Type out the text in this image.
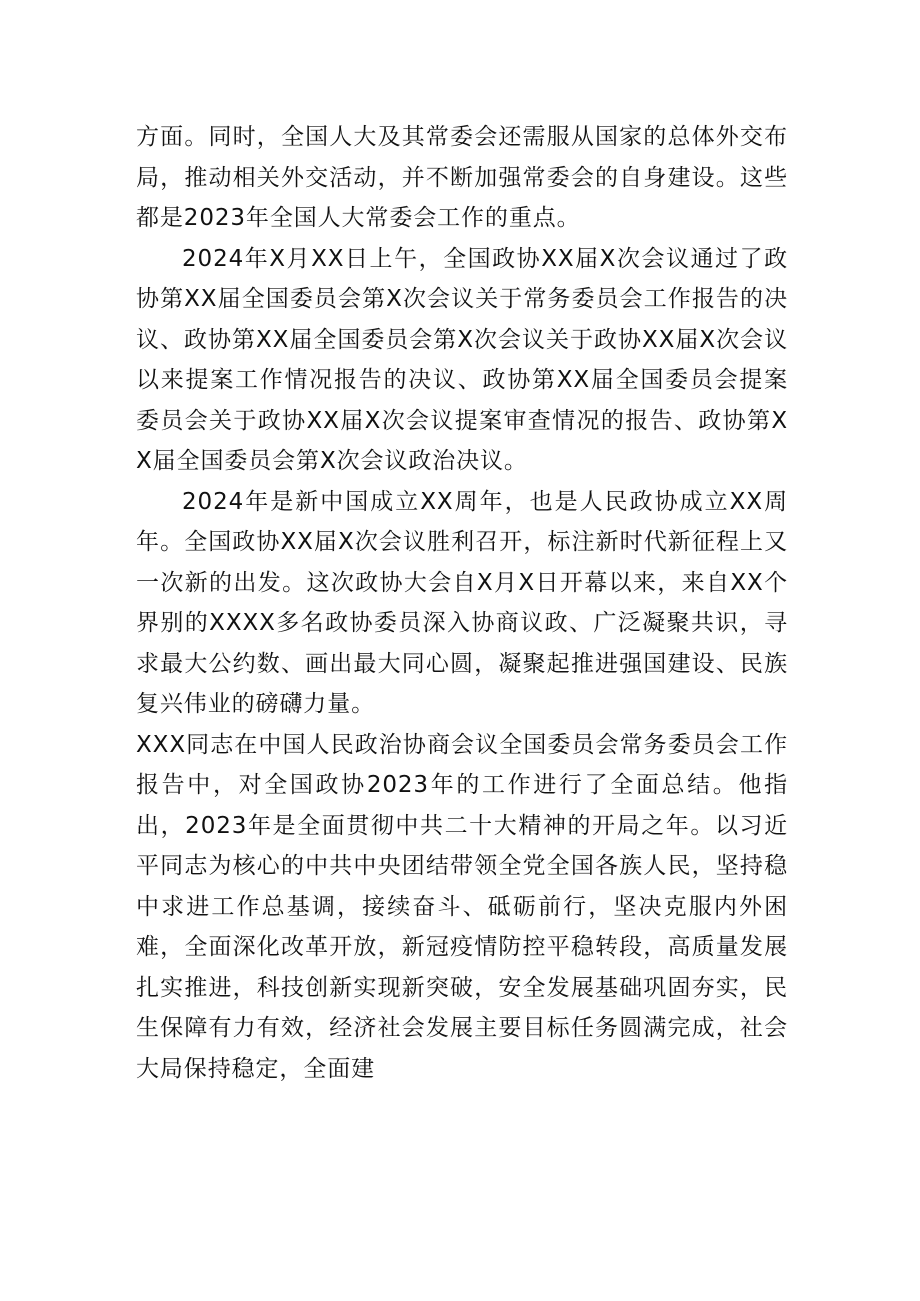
方面。同时，全国人大及其常委会还需服从国家的总体外交布局，推动相关外交活动，并不断加强常委会的自身建设。这些都是2023年全国人大常委会工作的重点。

2024年X月XX日上午，全国政协XX届X次会议通过了政协第XX届全国委员会第X次会议关于常务委员会工作报告的决议、政协第XX届全国委员会第X次会议关于政协XX届X次会议以来提案工作情况报告的决议、政协第XX届全国委员会提案委员会关于政协XX届X次会议提案审查情况的报告、政协第XX届全国委员会第X次会议政治决议。

2024年是新中国成立XX周年，也是人民政协成立XX周年。全国政协XX届X次会议胜利召开，标注新时代新征程上又一次新的出发。这次政协大会自X月X日开幕以来，来自XX个界别的XXXX多名政协委员深入协商议政、广泛凝聚共识，寻求最大公约数、画出最大同心圆，凝聚起推进强国建设、民族复兴伟业的磅礴力量。

XXX同志在中国人民政治协商会议全国委员会常务委员会工作报告中，对全国政协2023年的工作进行了全面总结。他指出，2023年是全面贯彻中共二十大精神的开局之年。以习近平同志为核心的中共中央团结带领全党全国各族人民，坚持稳中求进工作总基调，接续奋斗、砥砺前行，坚决克服内外困难，全面深化改革开放，新冠疫情防控平稳转段，高质量发展扎实推进，科技创新实现新突破，安全发展基础巩固夯实，民生保障有力有效，经济社会发展主要目标任务圆满完成，社会大局保持稳定，全面建
